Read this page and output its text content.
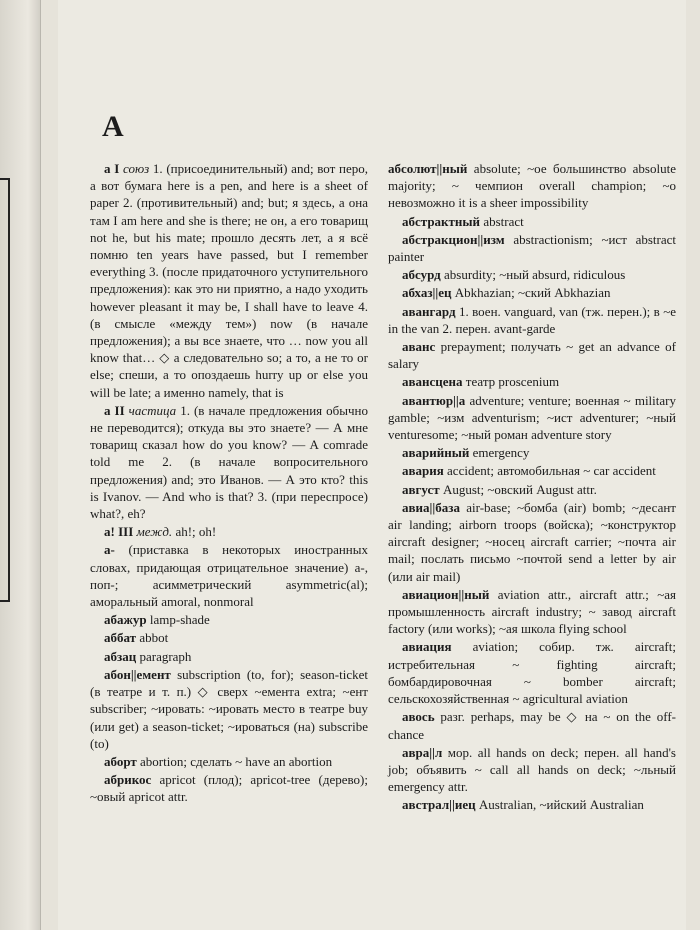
А

а I союз 1. (присоединительный) and; вот перо, а вот бумага here is a pen, and here is a sheet of paper 2. (противительный) and; but; я здесь, а она там I am here and she is there; не он, а его товарищ not he, but his mate; прошло десять лет, а я всё помню ten years have passed, but I remember everything 3. (после придаточного уступительного предложения): как это ни приятно, а надо уходить however pleasant it may be, I shall have to leave 4. (в смысле «между тем») now (в начале предложения); а вы все знаете, что … now you all know that… ◇ а следовательно so; а то, а не то or else; спеши, а то опоздаешь hurry up or else you will be late; а именно namely, that is

а II частица 1. (в начале предложения обычно не переводится); откуда вы это знаете? — А мне товарищ сказал how do you know? — A comrade told me 2. (в начале вопросительного предложения) and; это Иванов. — А это кто? this is Ivanov. — And who is that? 3. (при переспросе) what?, eh?

а! III межд. ah!; oh!

а- (приставка в некоторых иностранных словах, придающая отрицательное значение) а-, поп-; асимметрический asymmetric(al); аморальный amoral, nonmoral

абажур lamp-shade

аббат abbot

абзац paragraph

абон||емент subscription (to, for); season-ticket (в театре и т. п.) ◇ сверх ~емента extra; ~ент subscriber; ~ировать: ~ировать место в театре buy (или get) a season-ticket; ~ироваться (на) subscribe (to)

аборт abortion; сделать ~ have an abortion

абрикос apricot (плод); apricot-tree (дерево); ~овый apricot attr.

абсолют||ный absolute; ~ое большинство absolute majority; ~ чемпион overall champion; ~о невозможно it is a sheer impossibility

абстрактный abstract

абстракцион||изм abstractionism; ~ист abstract painter

абсурд absurdity; ~ный absurd, ridiculous

абхаз||ец Abkhazian; ~ский Abkhazian

авангард 1. воен. vanguard, van (тж. перен.); в ~е in the van 2. перен. avant-garde

аванс prepayment; получать ~ get an advance of salary

авансцена театр proscenium

авантюр||а adventure; venture; военная ~ military gamble; ~изм adventurism; ~ист adventurer; ~ный venturesome; ~ный роман adventure story

аварийный emergency

авария accident; автомобильная ~ car accident

август August; ~овский August attr.

авиа||база air-base; ~бомба (air) bomb; ~десант air landing; airborn troops (войска); ~конструктор aircraft designer; ~носец aircraft carrier; ~почта air mail; послать письмо ~почтой send a letter by air (или air mail)

авиацион||ный aviation attr., aircraft attr.; ~ая промышленность aircraft industry; ~ завод aircraft factory (или works); ~ая школа flying school

авиация aviation; собир. тж. aircraft; истребительная ~ fighting aircraft; бомбардировочная ~ bomber aircraft; сельскохозяйственная ~ agricultural aviation

авось разг. perhaps, may be ◇ на ~ on the off-chance

авра||л мор. all hands on deck; перен. all hand's job; объявить ~ call all hands on deck; ~льный emergency attr.

австрал||иец Australian, ~ийский Australian
